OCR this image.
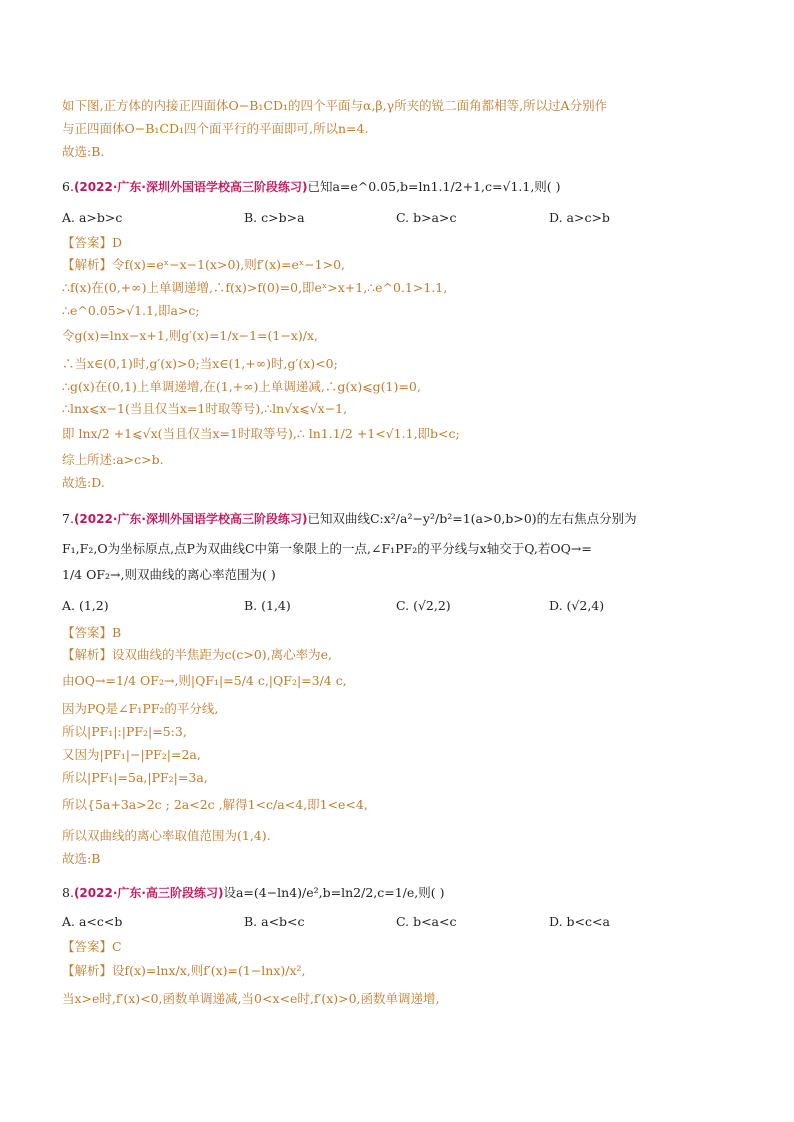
如下图,正方体的内接正四面体O−B₁CD₁的四个平面与α,β,γ所夹的锐二面角都相等,所以过A分别作
与正四面体O−B₁CD₁四个面平行的平面即可,所以n=4.
故选:B.
6.(2022·广东·深圳外国语学校高三阶段练习)已知a=e^0.05,b=ln1.1/2+1,c=√1.1,则( )
A. a>b>c	B. c>b>a	C. b>a>c	D. a>c>b
【答案】D
【解析】令f(x)=eˣ−x−1(x>0),则f′(x)=eˣ−1>0,
∴f(x)在(0,+∞)上单调递增,∴f(x)>f(0)=0,即eˣ>x+1,∴e^0.1>1.1,
∴e^0.05>√1.1,即a>c;
令g(x)=lnx−x+1,则g′(x)=1/x−1=(1−x)/x,
∴当x∈(0,1)时,g′(x)>0;当x∈(1,+∞)时,g′(x)<0;
∴g(x)在(0,1)上单调递增,在(1,+∞)上单调递减,∴g(x)⩽g(1)=0,
∴lnx⩽x−1(当且仅当x=1时取等号),∴ln√x⩽√x−1,
即 lnx/2 +1⩽√x(当且仅当x=1时取等号),∴ ln1.1/2 +1<√1.1,即b<c;
综上所述:a>c>b.
故选:D.
7.(2022·广东·深圳外国语学校高三阶段练习)已知双曲线C:x²/a²−y²/b²=1(a>0,b>0)的左右焦点分别为
F₁,F₂,O为坐标原点,点P为双曲线C中第一象限上的一点,∠F₁PF₂的平分线与x轴交于Q,若OQ→=
1/4 OF₂→,则双曲线的离心率范围为( )
A. (1,2)	B. (1,4)	C. (√2,2)	D. (√2,4)
【答案】B
【解析】设双曲线的半焦距为c(c>0),离心率为e,
由OQ→=1/4 OF₂→,则|QF₁|=5/4 c,|QF₂|=3/4 c,
因为PQ是∠F₁PF₂的平分线,
所以|PF₁|:|PF₂|=5:3,
又因为|PF₁|−|PF₂|=2a,
所以|PF₁|=5a,|PF₂|=3a,
所以{5a+3a>2c ; 2a<2c ,解得1<c/a<4,即1<e<4,
所以双曲线的离心率取值范围为(1,4).
故选:B
8.(2022·广东·高三阶段练习)设a=(4−ln4)/e²,b=ln2/2,c=1/e,则( )
A. a<c<b	B. a<b<c	C. b<a<c	D. b<c<a
【答案】C
【解析】设f(x)=lnx/x,则f′(x)=(1−lnx)/x²,
当x>e时,f′(x)<0,函数单调递减,当0<x<e时,f′(x)>0,函数单调递增,
